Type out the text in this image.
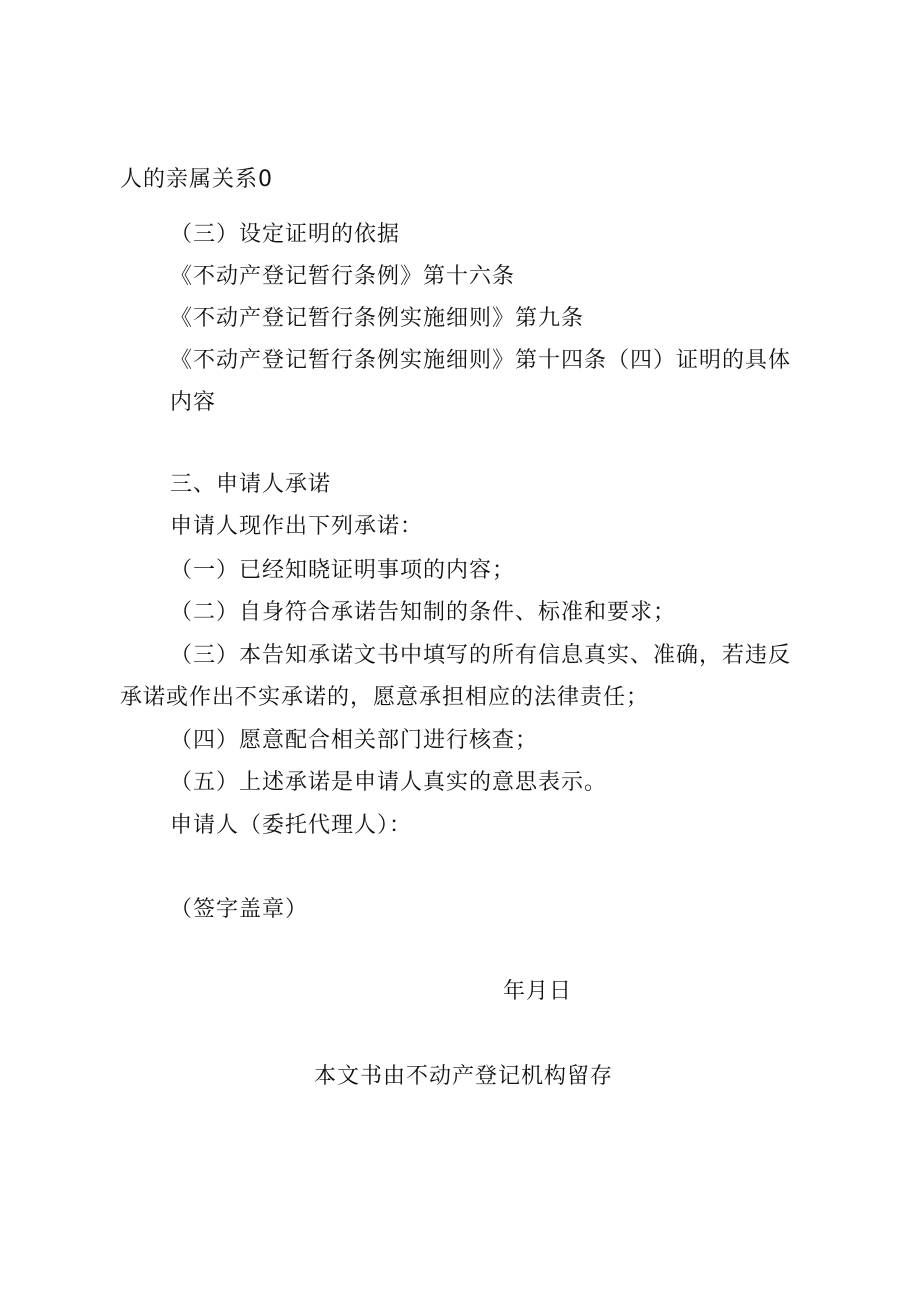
人的亲属关系0
（三）设定证明的依据
《不动产登记暂行条例》第十六条
《不动产登记暂行条例实施细则》第九条
《不动产登记暂行条例实施细则》第十四条（四）证明的具体
内容
三、申请人承诺
申请人现作出下列承诺：
（一）已经知晓证明事项的内容；
（二）自身符合承诺告知制的条件、标准和要求；
（三）本告知承诺文书中填写的所有信息真实、准确，若违反
承诺或作出不实承诺的，愿意承担相应的法律责任；
（四）愿意配合相关部门进行核查；
（五）上述承诺是申请人真实的意思表示。
申请人（委托代理人）：
（签字盖章）
年月日
本文书由不动产登记机构留存
